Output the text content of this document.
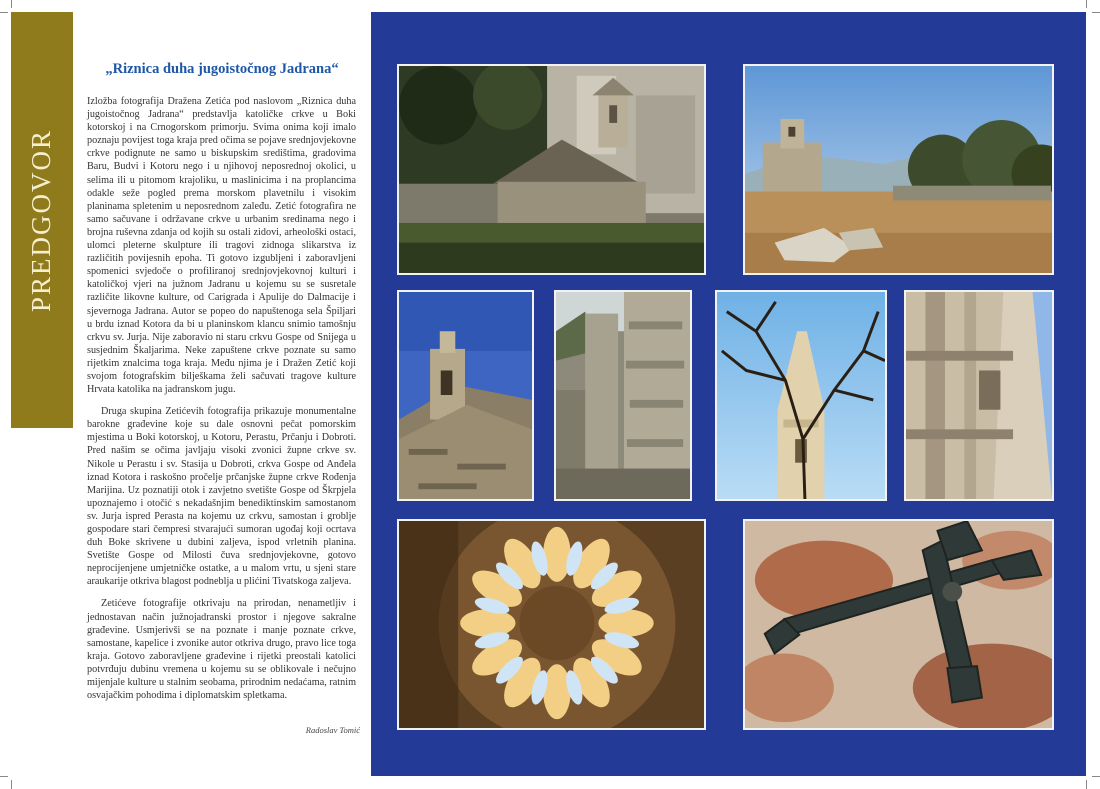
PREDGOVOR
„Riznica duha jugoistočnog Jadrana“

Izložba fotografija Dražena Zetića pod naslovom „Riznica duha jugoistočnog Jadrana“ predstavlja katoličke crkve u Boki kotorskoj i na Crnogorskom primorju. Svima onima koji imalo poznaju povijest toga kraja pred očima se pojave srednjovjekovne crkve podignute ne samo u biskupskim središtima, gradovima Baru, Budvi i Kotoru nego i u njihovoj neposrednoj okolici, u selima ili u pitomom krajoliku, u maslinicima i na proplancima odakle seže pogled prema morskom plavetnilu i visokim planinama spletenim u neposrednom zaleđu. Zetić fotografira ne samo sačuvane i održavane crkve u urbanim sredinama nego i brojna ruševna zdanja od kojih su ostali zidovi, arheološki ostaci, ulomci pleterne skulpture ili tragovi zidnoga slikarstva iz različitih povijesnih epoha. Ti gotovo izgubljeni i zaboravljeni spomenici svjedoče o profiliranoj srednjovjekovnoj kulturi i katoličkoj vjeri na južnom Jadranu u kojemu su se susretale različite likovne kulture, od Carigrada i Apulije do Dalmacije i sjevernoga Jadrana. Autor se popeo do napuštenoga sela Špiljari u brdu iznad Kotora da bi u planinskom klancu snimio tamošnju crkvu sv. Jurja. Nije zaboravio ni staru crkvu Gospe od Snijega u susjednim Škaljarima. Neke zapuštene crkve poznate su samo rijetkim znalcima toga kraja. Među njima je i Dražen Zetić koji svojom fotografskim bilješkama želi sačuvati tragove kulture Hrvata katolika na jadranskom jugu.

Druga skupina Zetićevih fotografija prikazuje monumentalne barokne građevine koje su dale osnovni pečat pomorskim mjestima u Boki kotorskoj, u Kotoru, Perastu, Prčanju i Dobroti. Pred našim se očima javljaju visoki zvonici župne crkve sv. Nikole u Perastu i sv. Stasija u Dobroti, crkva Gospe od Anđela iznad Kotora i raskošno pročelje prčanjske župne crkve Rođenja Marijina. Uz poznatiji otok i zavjetno svetište Gospe od Škrpjela upoznajemo i otočić s nekadašnjim benediktinskim samostanom sv. Jurja ispred Perasta na kojemu uz crkvu, samostan i groblje gospodare stari čempresi stvarajući sumoran ugođaj koji ocrtava duh Boke skrivene u dubini zaljeva, ispod vrletnih planina. Svetište Gospe od Milosti čuva srednjovjekovne, gotovo neprocijenjene umjetničke ostatke, a u malom vrtu, u sjeni stare araukarije otkriva blagost podneblja u plićini Tivatskoga zaljeva.

Zetićeve fotografije otkrivaju na prirodan, nenametljiv i jednostavan način južnojadranski prostor i njegove sakralne građevine. Usmjerivši se na poznate i manje poznate crkve, samostane, kapelice i zvonike autor otkriva drugo, pravo lice toga kraja. Gotovo zaboravljene građevine i rijetki preostali katolici potvrđuju dubinu vremena u kojemu su se oblikovale i nečujno mijenjale kulture u stalnim seobama, prirodnim nedaćama, ratnim osvajačkim pohodima i diplomatskim spletkama.

Radoslav Tomić
